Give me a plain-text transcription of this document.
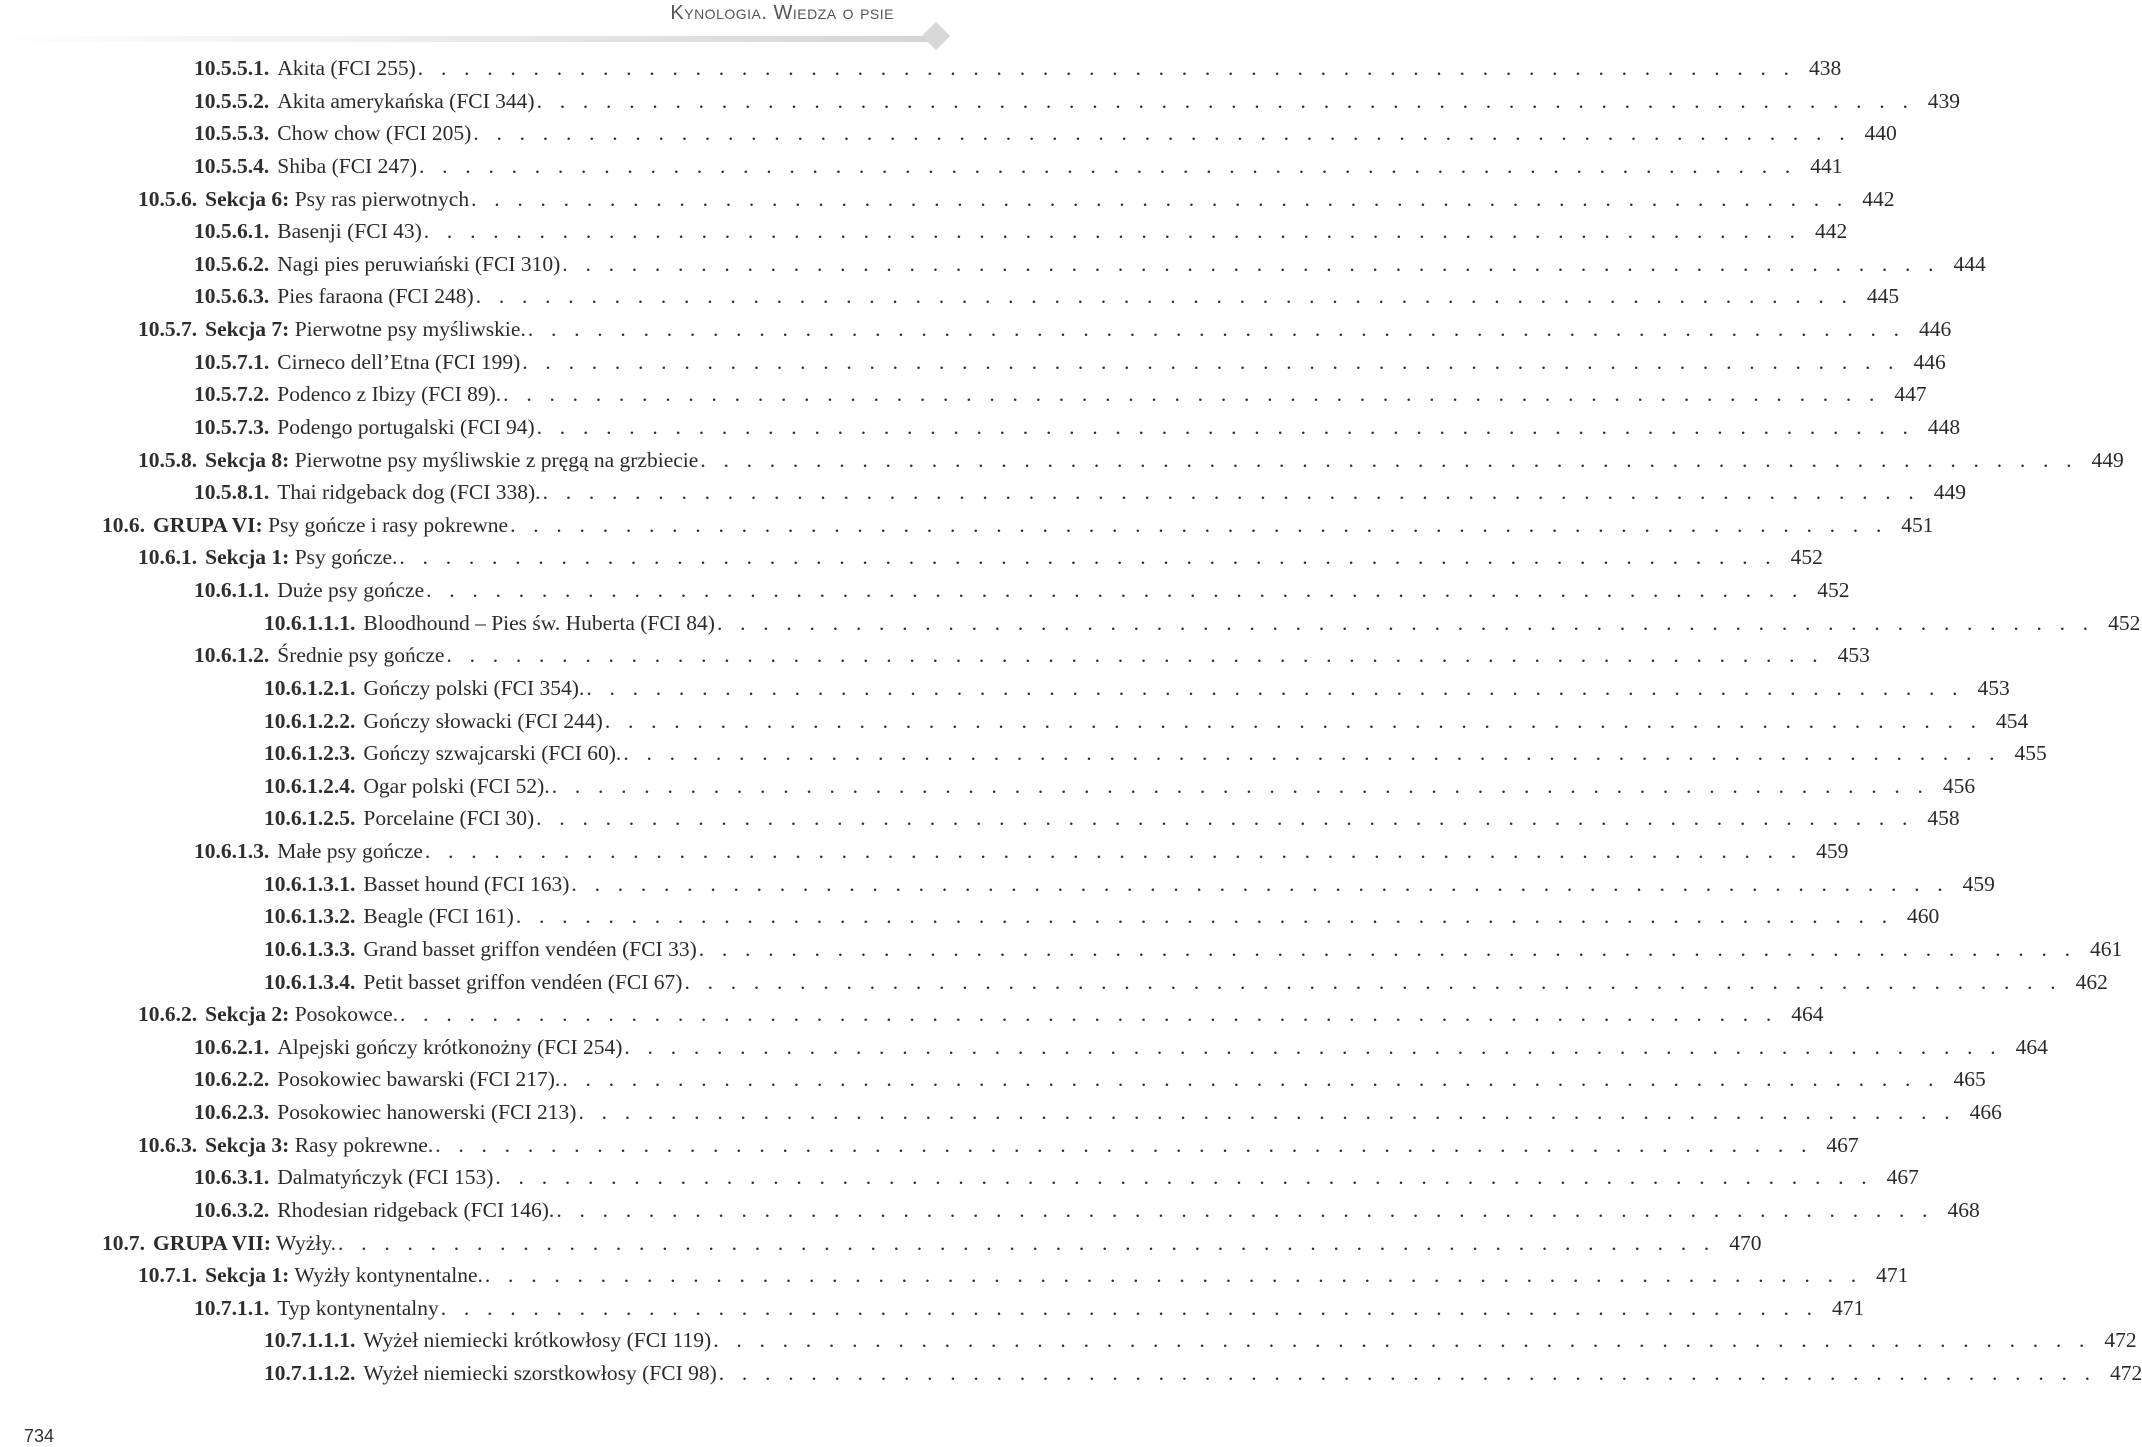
Kynologia. Wiedza o psie
10.5.5.1. Akita (FCI 255) . . . . . . . . . . . . . . . . . . . . . . . . . . . . . . . . . . . . . . . . . . . . . . . . . . . . . . . . . . . . 438
10.5.5.2. Akita amerykańska (FCI 344) . . . . . . . . . . . . . . . . . . . . . . . . . . . . . . . . . . . . . . . . . . . . . . . . . . . . . . . . . . . . 439
10.5.5.3. Chow chow (FCI 205) . . . . . . . . . . . . . . . . . . . . . . . . . . . . . . . . . . . . . . . . . . . . . . . . . . . . . . . . . . . . 440
10.5.5.4. Shiba (FCI 247) . . . . . . . . . . . . . . . . . . . . . . . . . . . . . . . . . . . . . . . . . . . . . . . . . . . . . . . . . . . . 441
10.5.6. Sekcja 6: Psy ras pierwotnych . . . . . . . . . . . . . . . . . . . . . . . . . . . . . . . . . . . . . . . . . . . . . . . . . . . . . . . . . . . . 442
10.5.6.1. Basenji (FCI 43) . . . . . . . . . . . . . . . . . . . . . . . . . . . . . . . . . . . . . . . . . . . . . . . . . . . . . . . . . . . . 442
10.5.6.2. Nagi pies peruwiański (FCI 310) . . . . . . . . . . . . . . . . . . . . . . . . . . . . . . . . . . . . . . . . . . . . . . . . . . . . . . . . . . . . 444
10.5.6.3. Pies faraona (FCI 248) . . . . . . . . . . . . . . . . . . . . . . . . . . . . . . . . . . . . . . . . . . . . . . . . . . . . . . . . . . . . 445
10.5.7. Sekcja 7: Pierwotne psy myśliwskie. . . . . . . . . . . . . . . . . . . . . . . . . . . . . . . . . . . . . . . . . . . . . . . . . . . . . . . . . . . . . 446
10.5.7.1. Cirneco dell’Etna (FCI 199) . . . . . . . . . . . . . . . . . . . . . . . . . . . . . . . . . . . . . . . . . . . . . . . . . . . . . . . . . . . . 446
10.5.7.2. Podenco z Ibizy (FCI 89). . . . . . . . . . . . . . . . . . . . . . . . . . . . . . . . . . . . . . . . . . . . . . . . . . . . . . . . . . . . . 447
10.5.7.3. Podengo portugalski (FCI 94) . . . . . . . . . . . . . . . . . . . . . . . . . . . . . . . . . . . . . . . . . . . . . . . . . . . . . . . . . . . . 448
10.5.8. Sekcja 8: Pierwotne psy myśliwskie z pręgą na grzbiecie . . . . . . . . . . . . . . . . . . . . . . . . . . . . . . . . . . . . . . . . . . . . . . . . . . . . . . . . . . . . 449
10.5.8.1. Thai ridgeback dog (FCI 338). . . . . . . . . . . . . . . . . . . . . . . . . . . . . . . . . . . . . . . . . . . . . . . . . . . . . . . . . . . . . 449
10.6. GRUPA VI: Psy gończe i rasy pokrewne . . . . . . . . . . . . . . . . . . . . . . . . . . . . . . . . . . . . . . . . . . . . . . . . . . . . . . . . . . . . 451
10.6.1. Sekcja 1: Psy gończe. . . . . . . . . . . . . . . . . . . . . . . . . . . . . . . . . . . . . . . . . . . . . . . . . . . . . . . . . . . . . 452
10.6.1.1. Duże psy gończe . . . . . . . . . . . . . . . . . . . . . . . . . . . . . . . . . . . . . . . . . . . . . . . . . . . . . . . . . . . . 452
10.6.1.1.1. Bloodhound – Pies św. Huberta (FCI 84) . . . . . . . . . . . . . . . . . . . . . . . . . . . . . . . . . . . . . . . . . . . . . . . . . . . . . . . . . . . . 452
10.6.1.2. Średnie psy gończe . . . . . . . . . . . . . . . . . . . . . . . . . . . . . . . . . . . . . . . . . . . . . . . . . . . . . . . . . . . . 453
10.6.1.2.1. Gończy polski (FCI 354). . . . . . . . . . . . . . . . . . . . . . . . . . . . . . . . . . . . . . . . . . . . . . . . . . . . . . . . . . . . . 453
10.6.1.2.2. Gończy słowacki (FCI 244) . . . . . . . . . . . . . . . . . . . . . . . . . . . . . . . . . . . . . . . . . . . . . . . . . . . . . . . . . . . . 454
10.6.1.2.3. Gończy szwajcarski (FCI 60). . . . . . . . . . . . . . . . . . . . . . . . . . . . . . . . . . . . . . . . . . . . . . . . . . . . . . . . . . . . . 455
10.6.1.2.4. Ogar polski (FCI 52). . . . . . . . . . . . . . . . . . . . . . . . . . . . . . . . . . . . . . . . . . . . . . . . . . . . . . . . . . . . . 456
10.6.1.2.5. Porcelaine (FCI 30) . . . . . . . . . . . . . . . . . . . . . . . . . . . . . . . . . . . . . . . . . . . . . . . . . . . . . . . . . . . . 458
10.6.1.3. Małe psy gończe . . . . . . . . . . . . . . . . . . . . . . . . . . . . . . . . . . . . . . . . . . . . . . . . . . . . . . . . . . . . 459
10.6.1.3.1. Basset hound (FCI 163) . . . . . . . . . . . . . . . . . . . . . . . . . . . . . . . . . . . . . . . . . . . . . . . . . . . . . . . . . . . . 459
10.6.1.3.2. Beagle (FCI 161) . . . . . . . . . . . . . . . . . . . . . . . . . . . . . . . . . . . . . . . . . . . . . . . . . . . . . . . . . . . . 460
10.6.1.3.3. Grand basset griffon vendéen (FCI 33) . . . . . . . . . . . . . . . . . . . . . . . . . . . . . . . . . . . . . . . . . . . . . . . . . . . . . . . . . . . . 461
10.6.1.3.4. Petit basset griffon vendéen (FCI 67) . . . . . . . . . . . . . . . . . . . . . . . . . . . . . . . . . . . . . . . . . . . . . . . . . . . . . . . . . . . . 462
10.6.2. Sekcja 2: Posokowce. . . . . . . . . . . . . . . . . . . . . . . . . . . . . . . . . . . . . . . . . . . . . . . . . . . . . . . . . . . . . 464
10.6.2.1. Alpejski gończy krótkonożny (FCI 254) . . . . . . . . . . . . . . . . . . . . . . . . . . . . . . . . . . . . . . . . . . . . . . . . . . . . . . . . . . . . 464
10.6.2.2. Posokowiec bawarski (FCI 217). . . . . . . . . . . . . . . . . . . . . . . . . . . . . . . . . . . . . . . . . . . . . . . . . . . . . . . . . . . . . 465
10.6.2.3. Posokowiec hanowerski (FCI 213) . . . . . . . . . . . . . . . . . . . . . . . . . . . . . . . . . . . . . . . . . . . . . . . . . . . . . . . . . . . . 466
10.6.3. Sekcja 3: Rasy pokrewne. . . . . . . . . . . . . . . . . . . . . . . . . . . . . . . . . . . . . . . . . . . . . . . . . . . . . . . . . . . . . 467
10.6.3.1. Dalmatyńczyk (FCI 153) . . . . . . . . . . . . . . . . . . . . . . . . . . . . . . . . . . . . . . . . . . . . . . . . . . . . . . . . . . . . 467
10.6.3.2. Rhodesian ridgeback (FCI 146). . . . . . . . . . . . . . . . . . . . . . . . . . . . . . . . . . . . . . . . . . . . . . . . . . . . . . . . . . . . . 468
10.7. GRUPA VII: Wyżły. . . . . . . . . . . . . . . . . . . . . . . . . . . . . . . . . . . . . . . . . . . . . . . . . . . . . . . . . . . . . 470
10.7.1. Sekcja 1: Wyżły kontynentalne. . . . . . . . . . . . . . . . . . . . . . . . . . . . . . . . . . . . . . . . . . . . . . . . . . . . . . . . . . . . . 471
10.7.1.1. Typ kontynentalny . . . . . . . . . . . . . . . . . . . . . . . . . . . . . . . . . . . . . . . . . . . . . . . . . . . . . . . . . . . . 471
10.7.1.1.1. Wyżeł niemiecki krótkowłosy (FCI 119) . . . . . . . . . . . . . . . . . . . . . . . . . . . . . . . . . . . . . . . . . . . . . . . . . . . . . . . . . . . . 472
10.7.1.1.2. Wyżeł niemiecki szorstkowłosy (FCI 98) . . . . . . . . . . . . . . . . . . . . . . . . . . . . . . . . . . . . . . . . . . . . . . . . . . . . . . . . . . . . 472
734
